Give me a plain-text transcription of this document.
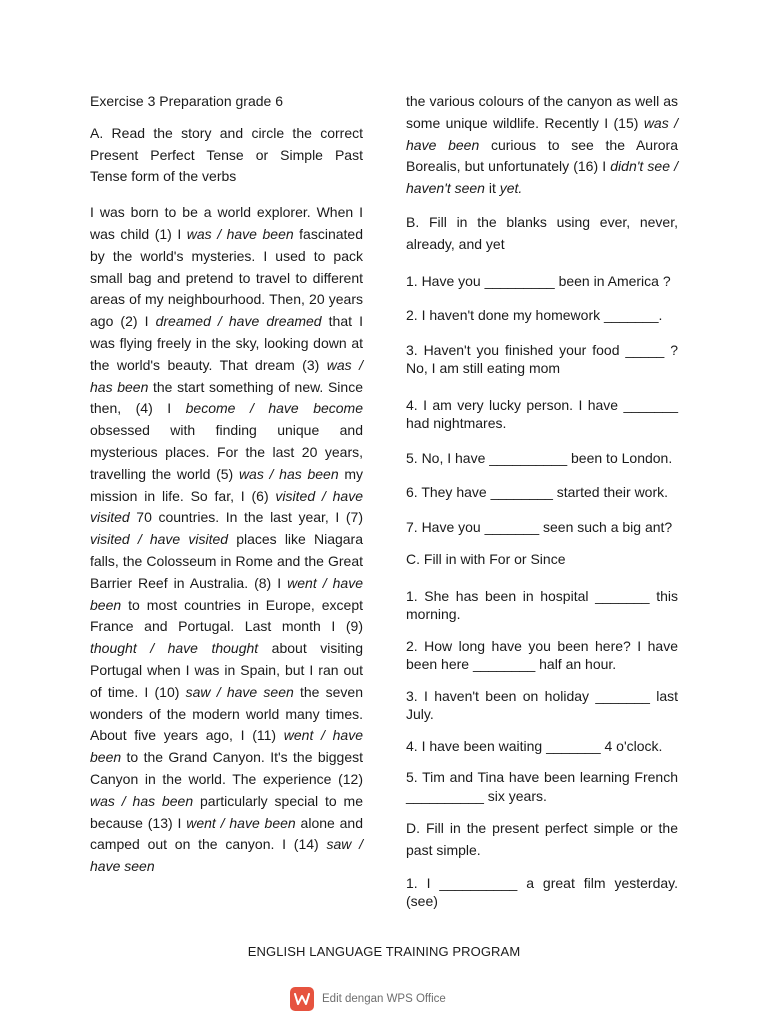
Exercise 3 Preparation grade 6

A. Read the story and circle the correct Present Perfect Tense or Simple Past Tense form of the verbs

I was born to be a world explorer. When I was child (1) I was / have been fascinated by the world's mysteries. I used to pack small bag and pretend to travel to different areas of my neighbourhood. Then, 20 years ago (2) I dreamed / have dreamed that I was flying freely in the sky, looking down at the world's beauty. That dream (3) was / has been the start something of new. Since then, (4) I become / have become obsessed with finding unique and mysterious places. For the last 20 years, travelling the world (5) was / has been my mission in life. So far, I (6) visited / have visited 70 countries. In the last year, I (7) visited / have visited places like Niagara falls, the Colosseum in Rome and the Great Barrier Reef in Australia. (8) I went / have been to most countries in Europe, except France and Portugal. Last month I (9) thought / have thought about visiting Portugal when I was in Spain, but I ran out of time. I (10) saw / have seen the seven wonders of the modern world many times. About five years ago, I (11) went / have been to the Grand Canyon. It's the biggest Canyon in the world. The experience (12) was / has been particularly special to me because (13) I went / have been alone and camped out on the canyon. I (14) saw / have seen

the various colours of the canyon as well as some unique wildlife. Recently I (15) was / have been curious to see the Aurora Borealis, but unfortunately (16) I didn't see / haven't seen it yet.

B. Fill in the blanks using ever, never, already, and yet

1. Have you _________ been in America ?

2. I haven't done my homework _______.

3. Haven't you finished your food _____ ? No, I am still eating mom

4. I am very lucky person. I have _______ had nightmares.

5. No, I have __________ been to London.

6. They have ________ started their work.

7. Have you _______ seen such a big ant?

C. Fill in with For or Since

1. She has been in hospital _______ this morning.

2. How long have you been here? I have been here ________ half an hour.

3. I haven't been on holiday _______ last July.

4. I have been waiting _______ 4 o'clock.

5. Tim and Tina have been learning French __________ six years.

D. Fill in the present perfect simple or the past simple.

1. I __________ a great film yesterday. (see)

ENGLISH LANGUAGE TRAINING PROGRAM
Edit dengan WPS Office
